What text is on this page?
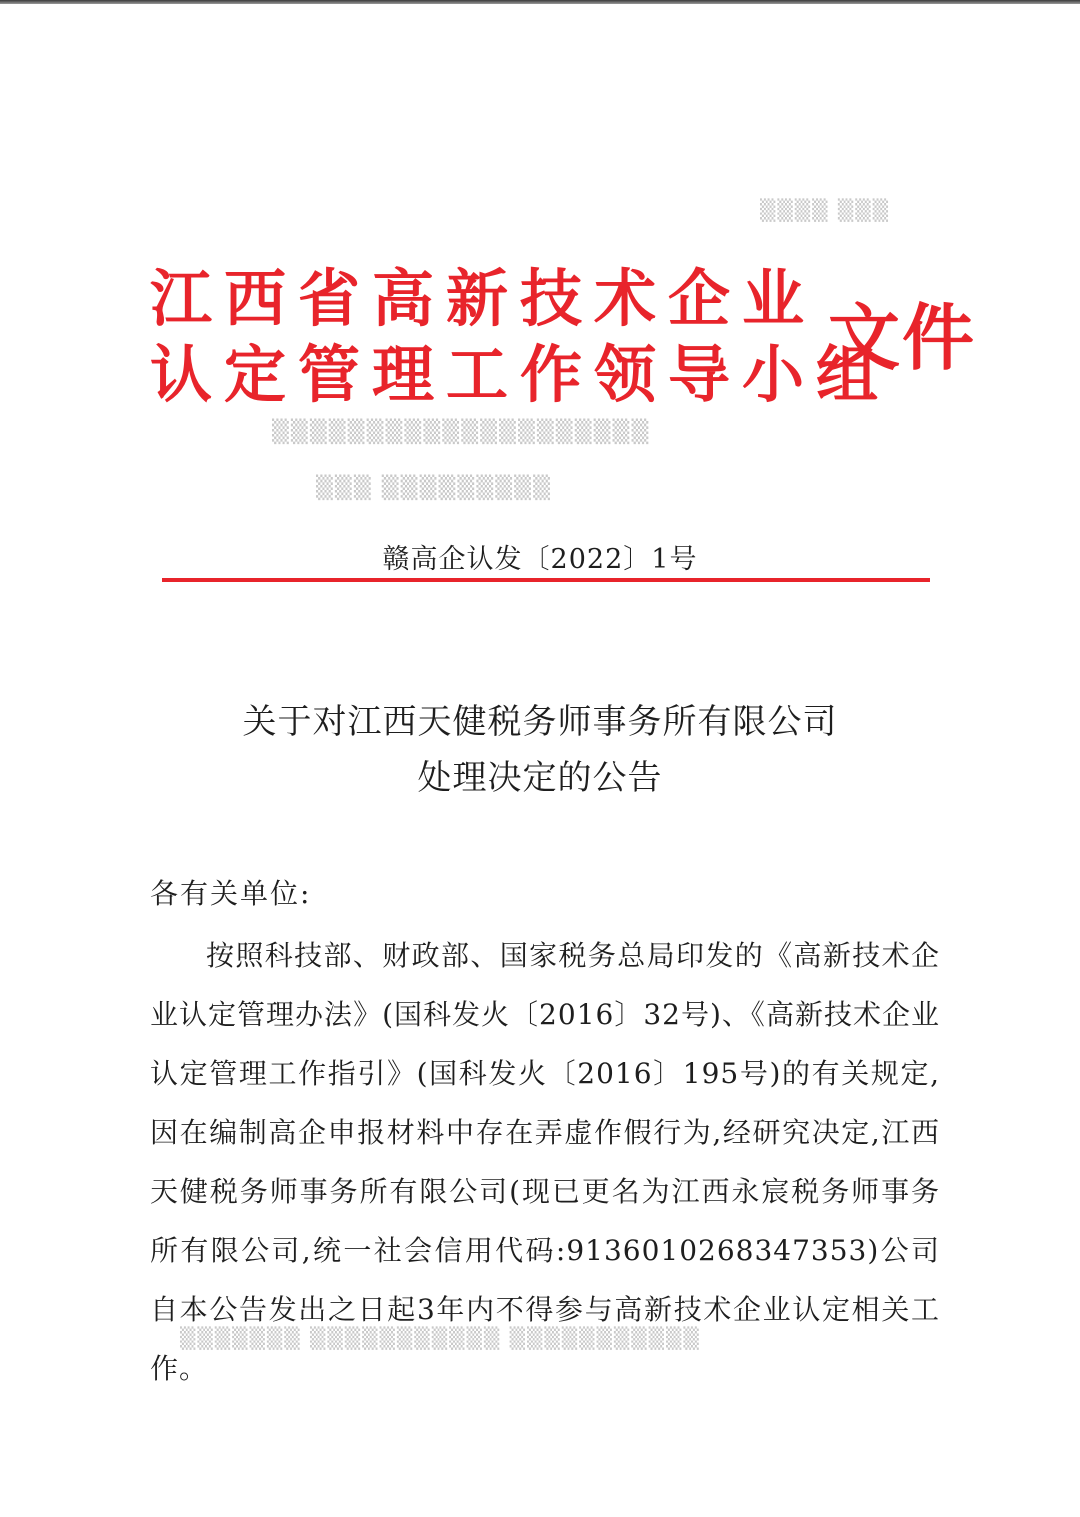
▒▒▒▒ ▒▒▒
▒▒▒▒▒▒▒▒▒▒▒▒▒▒▒▒▒▒▒▒
▒▒▒ ▒▒▒▒▒▒▒▒▒
▒▒▒▒▒▒▒ ▒▒▒▒▒▒▒▒▒▒▒ ▒▒▒▒▒▒▒▒▒▒▒
江西省高新技术企业
认定管理工作领导小组
文件
赣高企认发〔2022〕1号
关于对江西天健税务师事务所有限公司
处理决定的公告
各有关单位:
按照科技部、财政部、国家税务总局印发的《高新技术企业认定管理办法》(国科发火〔2016〕32号)、《高新技术企业认定管理工作指引》(国科发火〔2016〕195号)的有关规定,因在编制高企申报材料中存在弄虚作假行为,经研究决定,江西天健税务师事务所有限公司(现已更名为江西永宸税务师事务所有限公司,统一社会信用代码:9136010268347353)公司自本公告发出之日起3年内不得参与高新技术企业认定相关工作。
